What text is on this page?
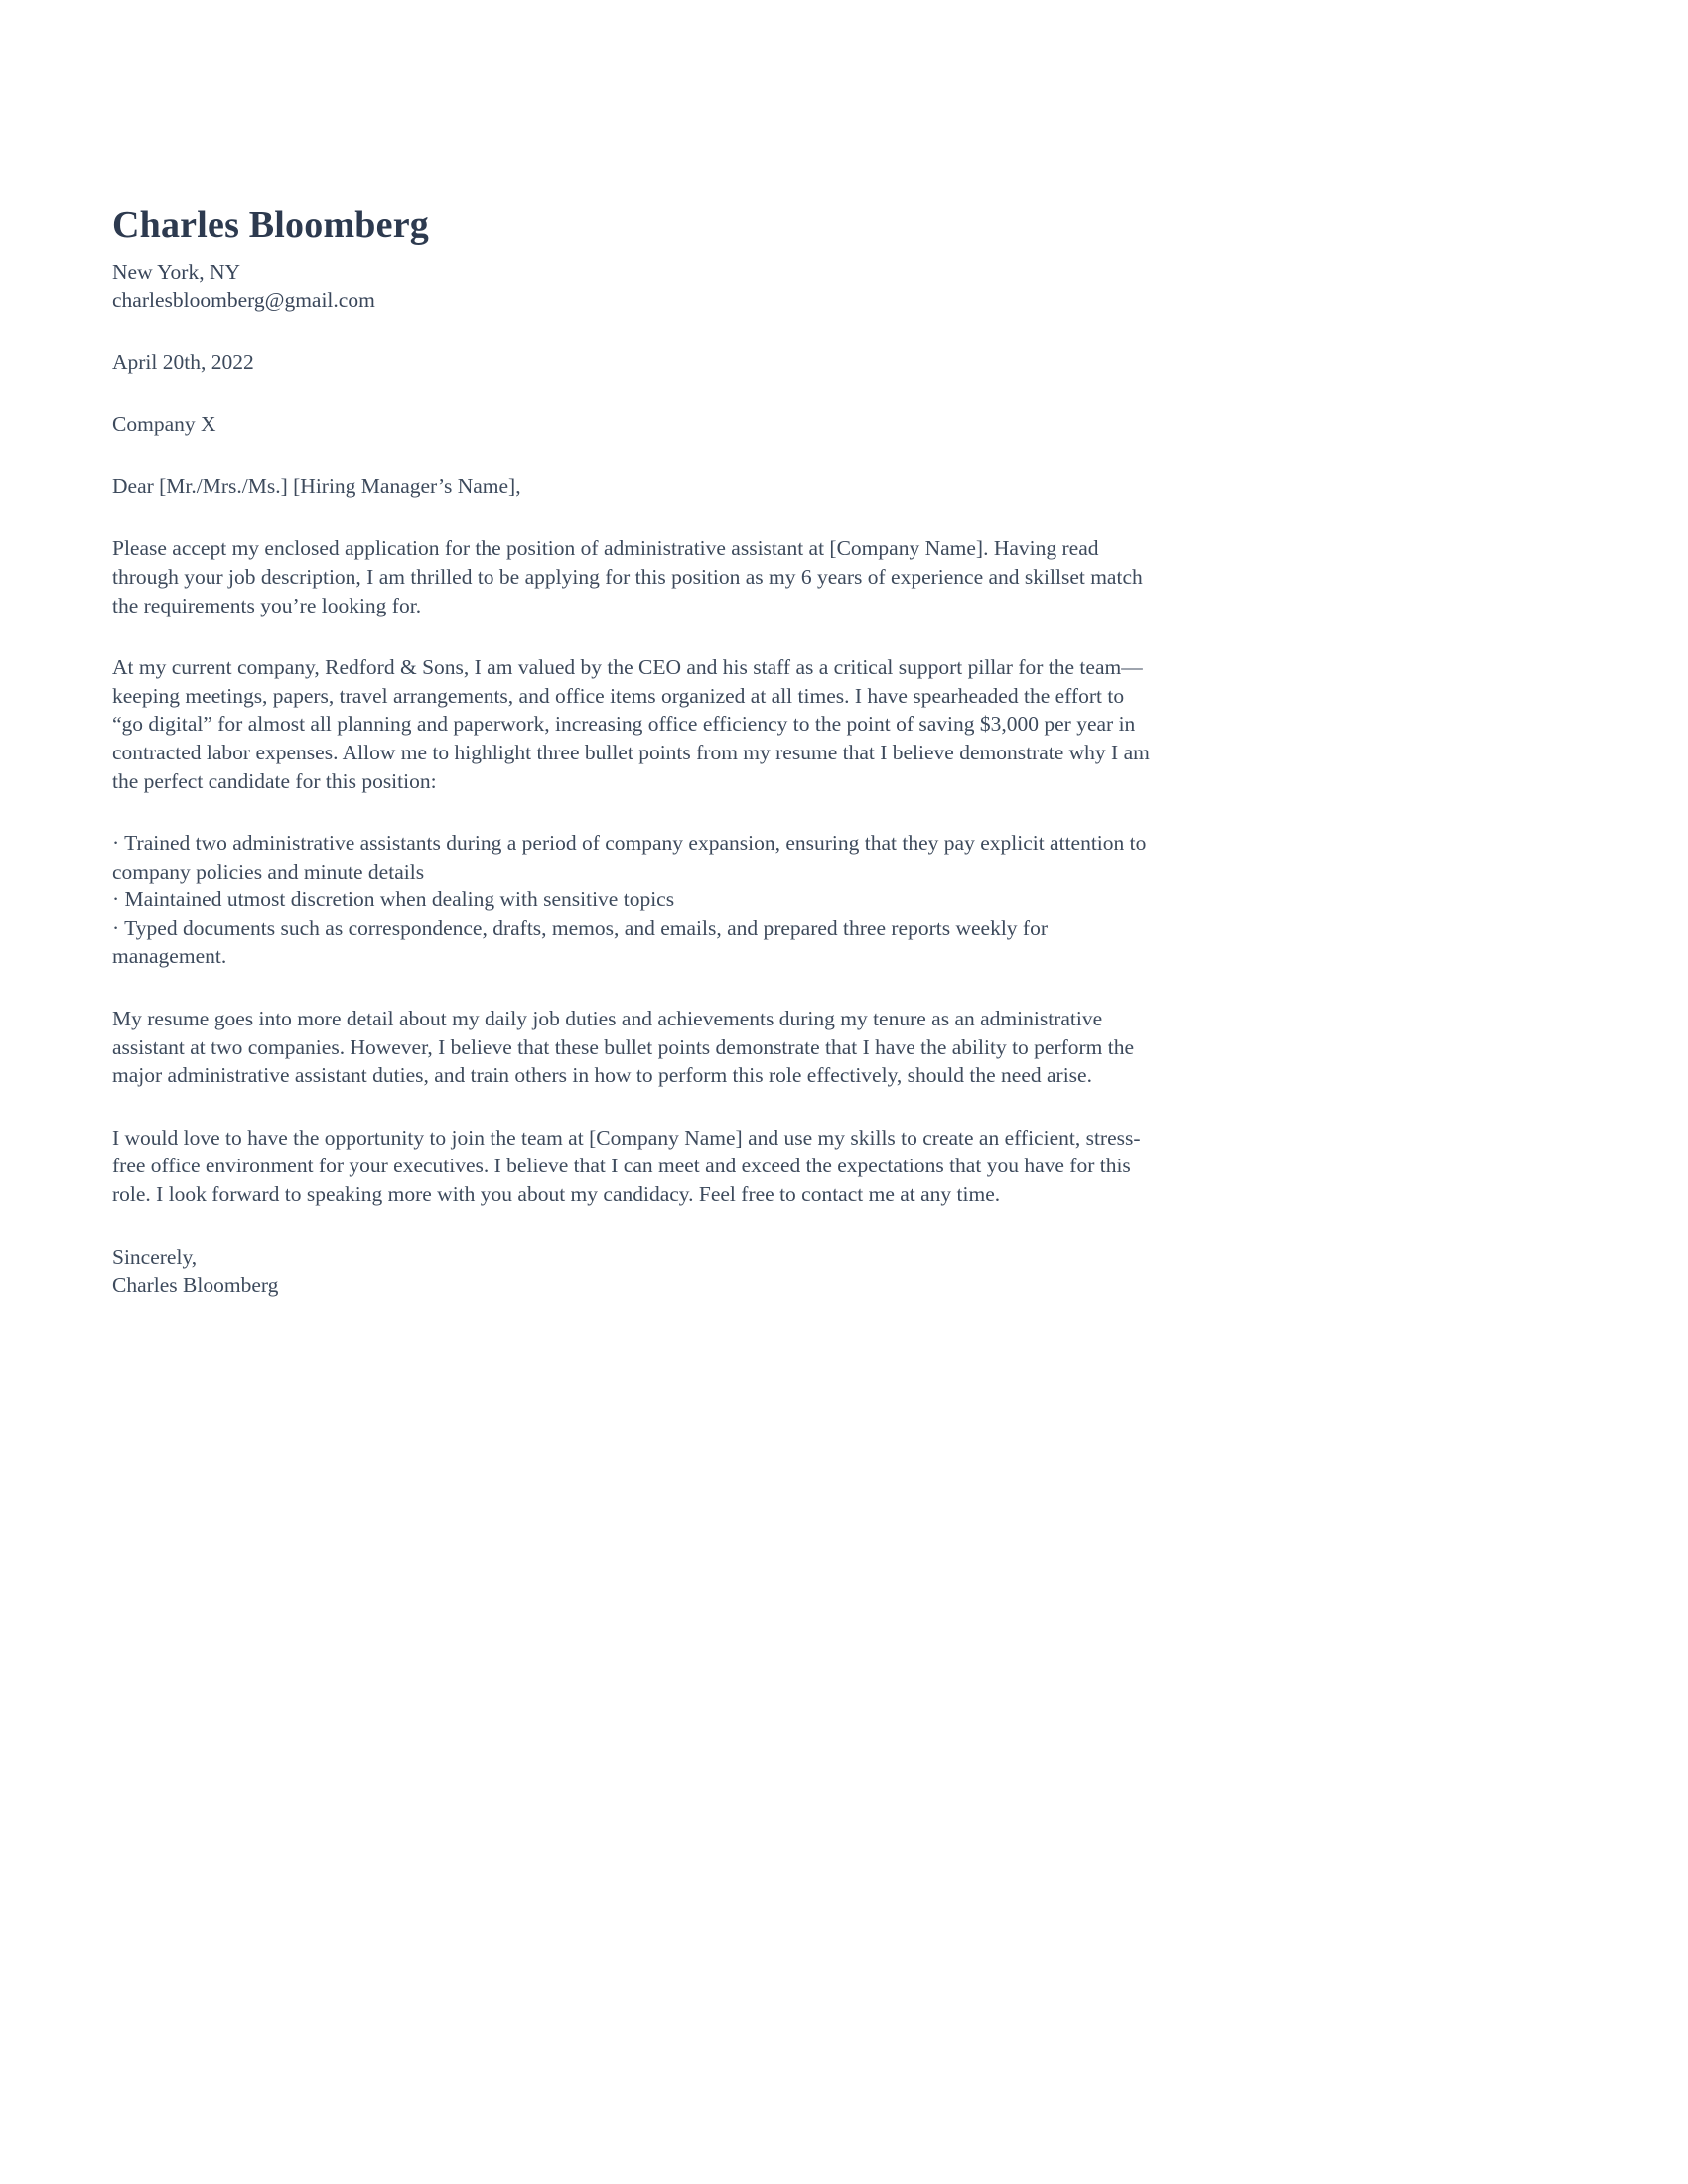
Charles Bloomberg

New York, NY

charlesbloomberg@gmail.com

April 20th, 2022

Company X

Dear [Mr./Mrs./Ms.] [Hiring Manager’s Name],

Please accept my enclosed application for the position of administrative assistant at [Company Name]. Having read through your job description, I am thrilled to be applying for this position as my 6 years of experience and skillset match the requirements you’re looking for.

At my current company, Redford & Sons, I am valued by the CEO and his staff as a critical support pillar for the team—keeping meetings, papers, travel arrangements, and office items organized at all times. I have spearheaded the effort to “go digital” for almost all planning and paperwork, increasing office efficiency to the point of saving $3,000 per year in contracted labor expenses. Allow me to highlight three bullet points from my resume that I believe demonstrate why I am the perfect candidate for this position:

· Trained two administrative assistants during a period of company expansion, ensuring that they pay explicit attention to company policies and minute details
· Maintained utmost discretion when dealing with sensitive topics
· Typed documents such as correspondence, drafts, memos, and emails, and prepared three reports weekly for management.

My resume goes into more detail about my daily job duties and achievements during my tenure as an administrative assistant at two companies. However, I believe that these bullet points demonstrate that I have the ability to perform the major administrative assistant duties, and train others in how to perform this role effectively, should the need arise.

I would love to have the opportunity to join the team at [Company Name] and use my skills to create an efficient, stress-free office environment for your executives. I believe that I can meet and exceed the expectations that you have for this role. I look forward to speaking more with you about my candidacy. Feel free to contact me at any time.

Sincerely,

Charles Bloomberg
